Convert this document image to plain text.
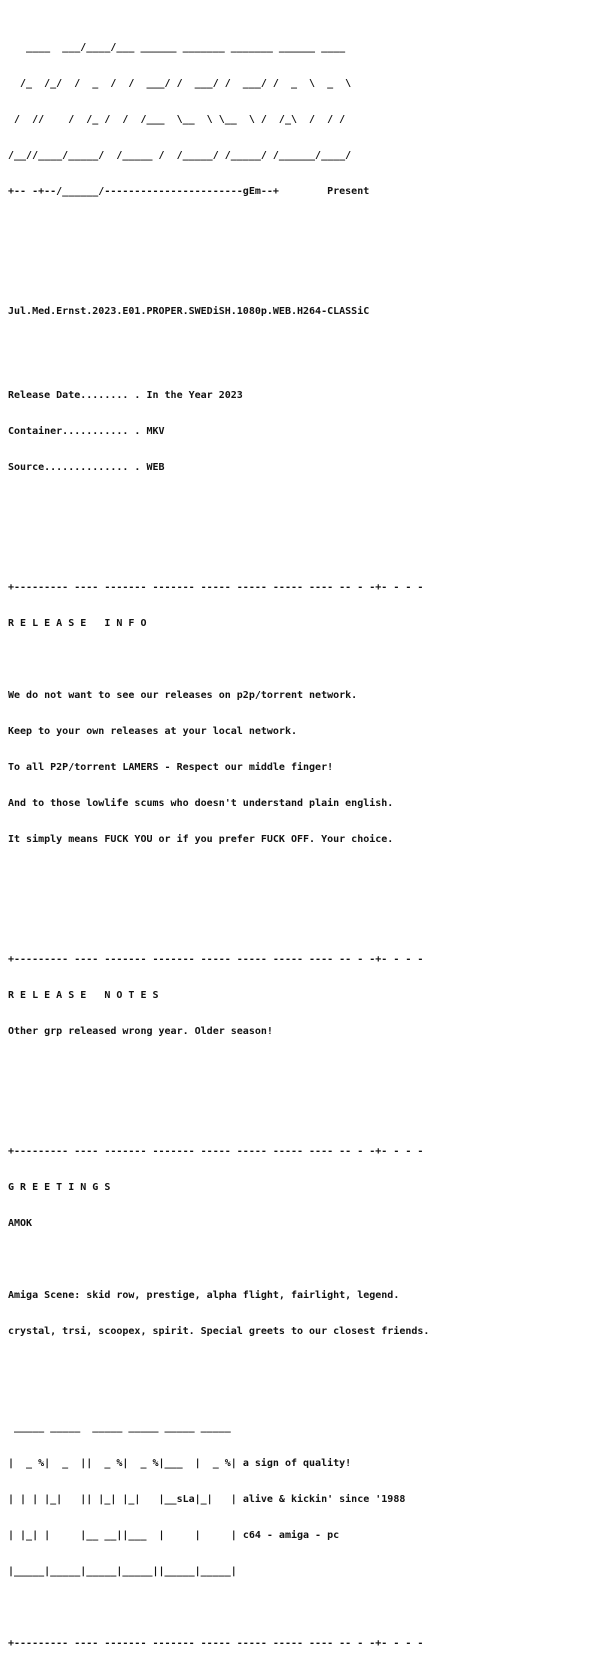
____  ___/____/___ ______ _______ _______ ______ ____

/_  /_/  /  _  /  /  ___/ /  ___/ /  ___/ /  _  \  _  \

/  //    /  /_ /  /  /___  \__  \ \__  \ /  /_\  /  / /

/__//____/_____/  /_____ /  /_____/ /_____/ /______/____/

+-- -+--/______/-----------------------gEm--+        Present

Jul.Med.Ernst.2023.E01.PROPER.SWEDiSH.1080p.WEB.H264-CLASSiC

Release Date........ . In the Year 2023

Container........... . MKV

Source.............. . WEB

+--------- ---- ------- ------- ----- ----- ----- ---- -- - -+- - - -

R E L E A S E   I N F O

We do not want to see our releases on p2p/torrent network.

Keep to your own releases at your local network.

To all P2P/torrent LAMERS - Respect our middle finger!

And to those lowlife scums who doesn't understand plain english.

It simply means FUCK YOU or if you prefer FUCK OFF. Your choice.

+--------- ---- ------- ------- ----- ----- ----- ---- -- - -+- - - -

R E L E A S E   N O T E S

Other grp released wrong year. Older season!

+--------- ---- ------- ------- ----- ----- ----- ---- -- - -+- - - -

G R E E T I N G S

AMOK

Amiga Scene: skid row, prestige, alpha flight, fairlight, legend.

crystal, trsi, scoopex, spirit. Special greets to our closest friends.

_____ _____  _____ _____ _____ _____

|  _ %|  _  ||  _ %|  _ %|___  |  _ %| a sign of quality!

| | | |_|   || |_| |_|   |__sLa|_|   | alive & kickin' since '1988

| |_| |     |__ __||___  |     |     | c64 - amiga - pc

|_____|_____|_____|_____||_____|_____|

+--------- ---- ------- ------- ----- ----- ----- ---- -- - -+- - - -
